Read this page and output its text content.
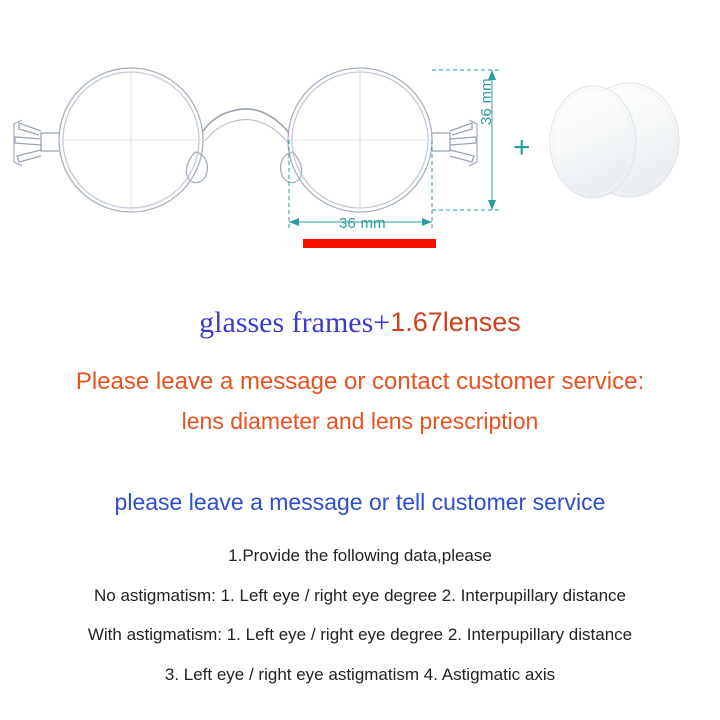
36 mm
36 mm
+
glasses frames+1.67lenses
Please leave a message or contact customer service:
lens diameter and lens prescription
please leave a message or tell customer service
1.Provide the following data,please
No astigmatism: 1. Left eye / right eye degree 2. Interpupillary distance
With astigmatism: 1. Left eye / right eye degree 2. Interpupillary distance
3. Left eye / right eye astigmatism 4. Astigmatic axis
